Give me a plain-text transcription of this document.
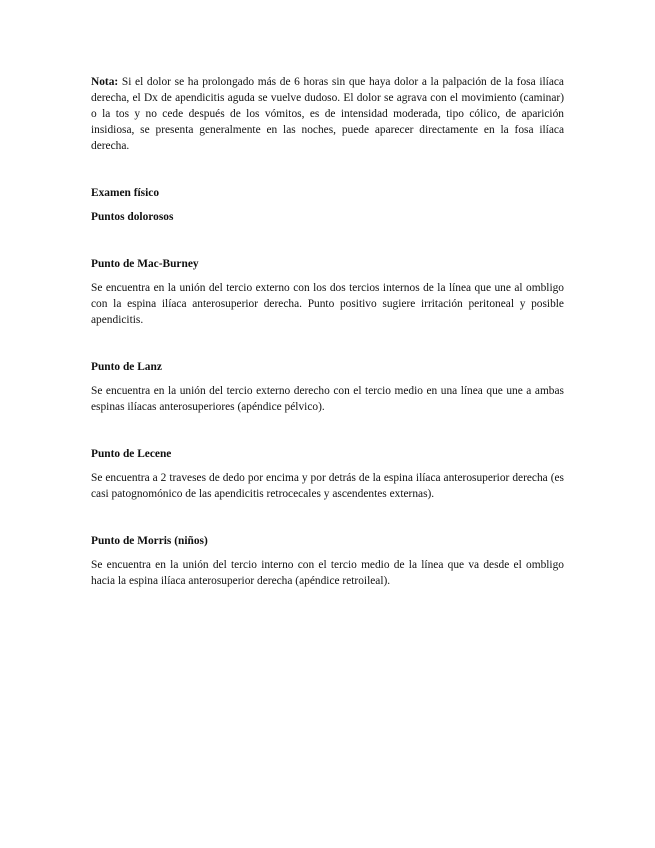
Nota: Si el dolor se ha prolongado más de 6 horas sin que haya dolor a la palpación de la fosa ilíaca derecha, el Dx de apendicitis aguda se vuelve dudoso. El dolor se agrava con el movimiento (caminar) o la tos y no cede después de los vómitos, es de intensidad moderada, tipo cólico, de aparición insidiosa, se presenta generalmente en las noches, puede aparecer directamente en la fosa ilíaca derecha.

Examen físico

Puntos dolorosos

Punto de Mac-Burney

Se encuentra en la unión del tercio externo con los dos tercios internos de la línea que une al ombligo con la espina ilíaca anterosuperior derecha. Punto positivo sugiere irritación peritoneal y posible apendicitis.

Punto de Lanz

Se encuentra en la unión del tercio externo derecho con el tercio medio en una línea que une a ambas espinas ilíacas anterosuperiores (apéndice pélvico).

Punto de Lecene

Se encuentra a 2 traveses de dedo por encima y por detrás de la espina ilíaca anterosuperior derecha (es casi patognomónico de las apendicitis retrocecales y ascendentes externas).

Punto de Morris (niños)

Se encuentra en la unión del tercio interno con el tercio medio de la línea que va desde el ombligo hacia la espina ilíaca anterosuperior derecha (apéndice retroileal).
